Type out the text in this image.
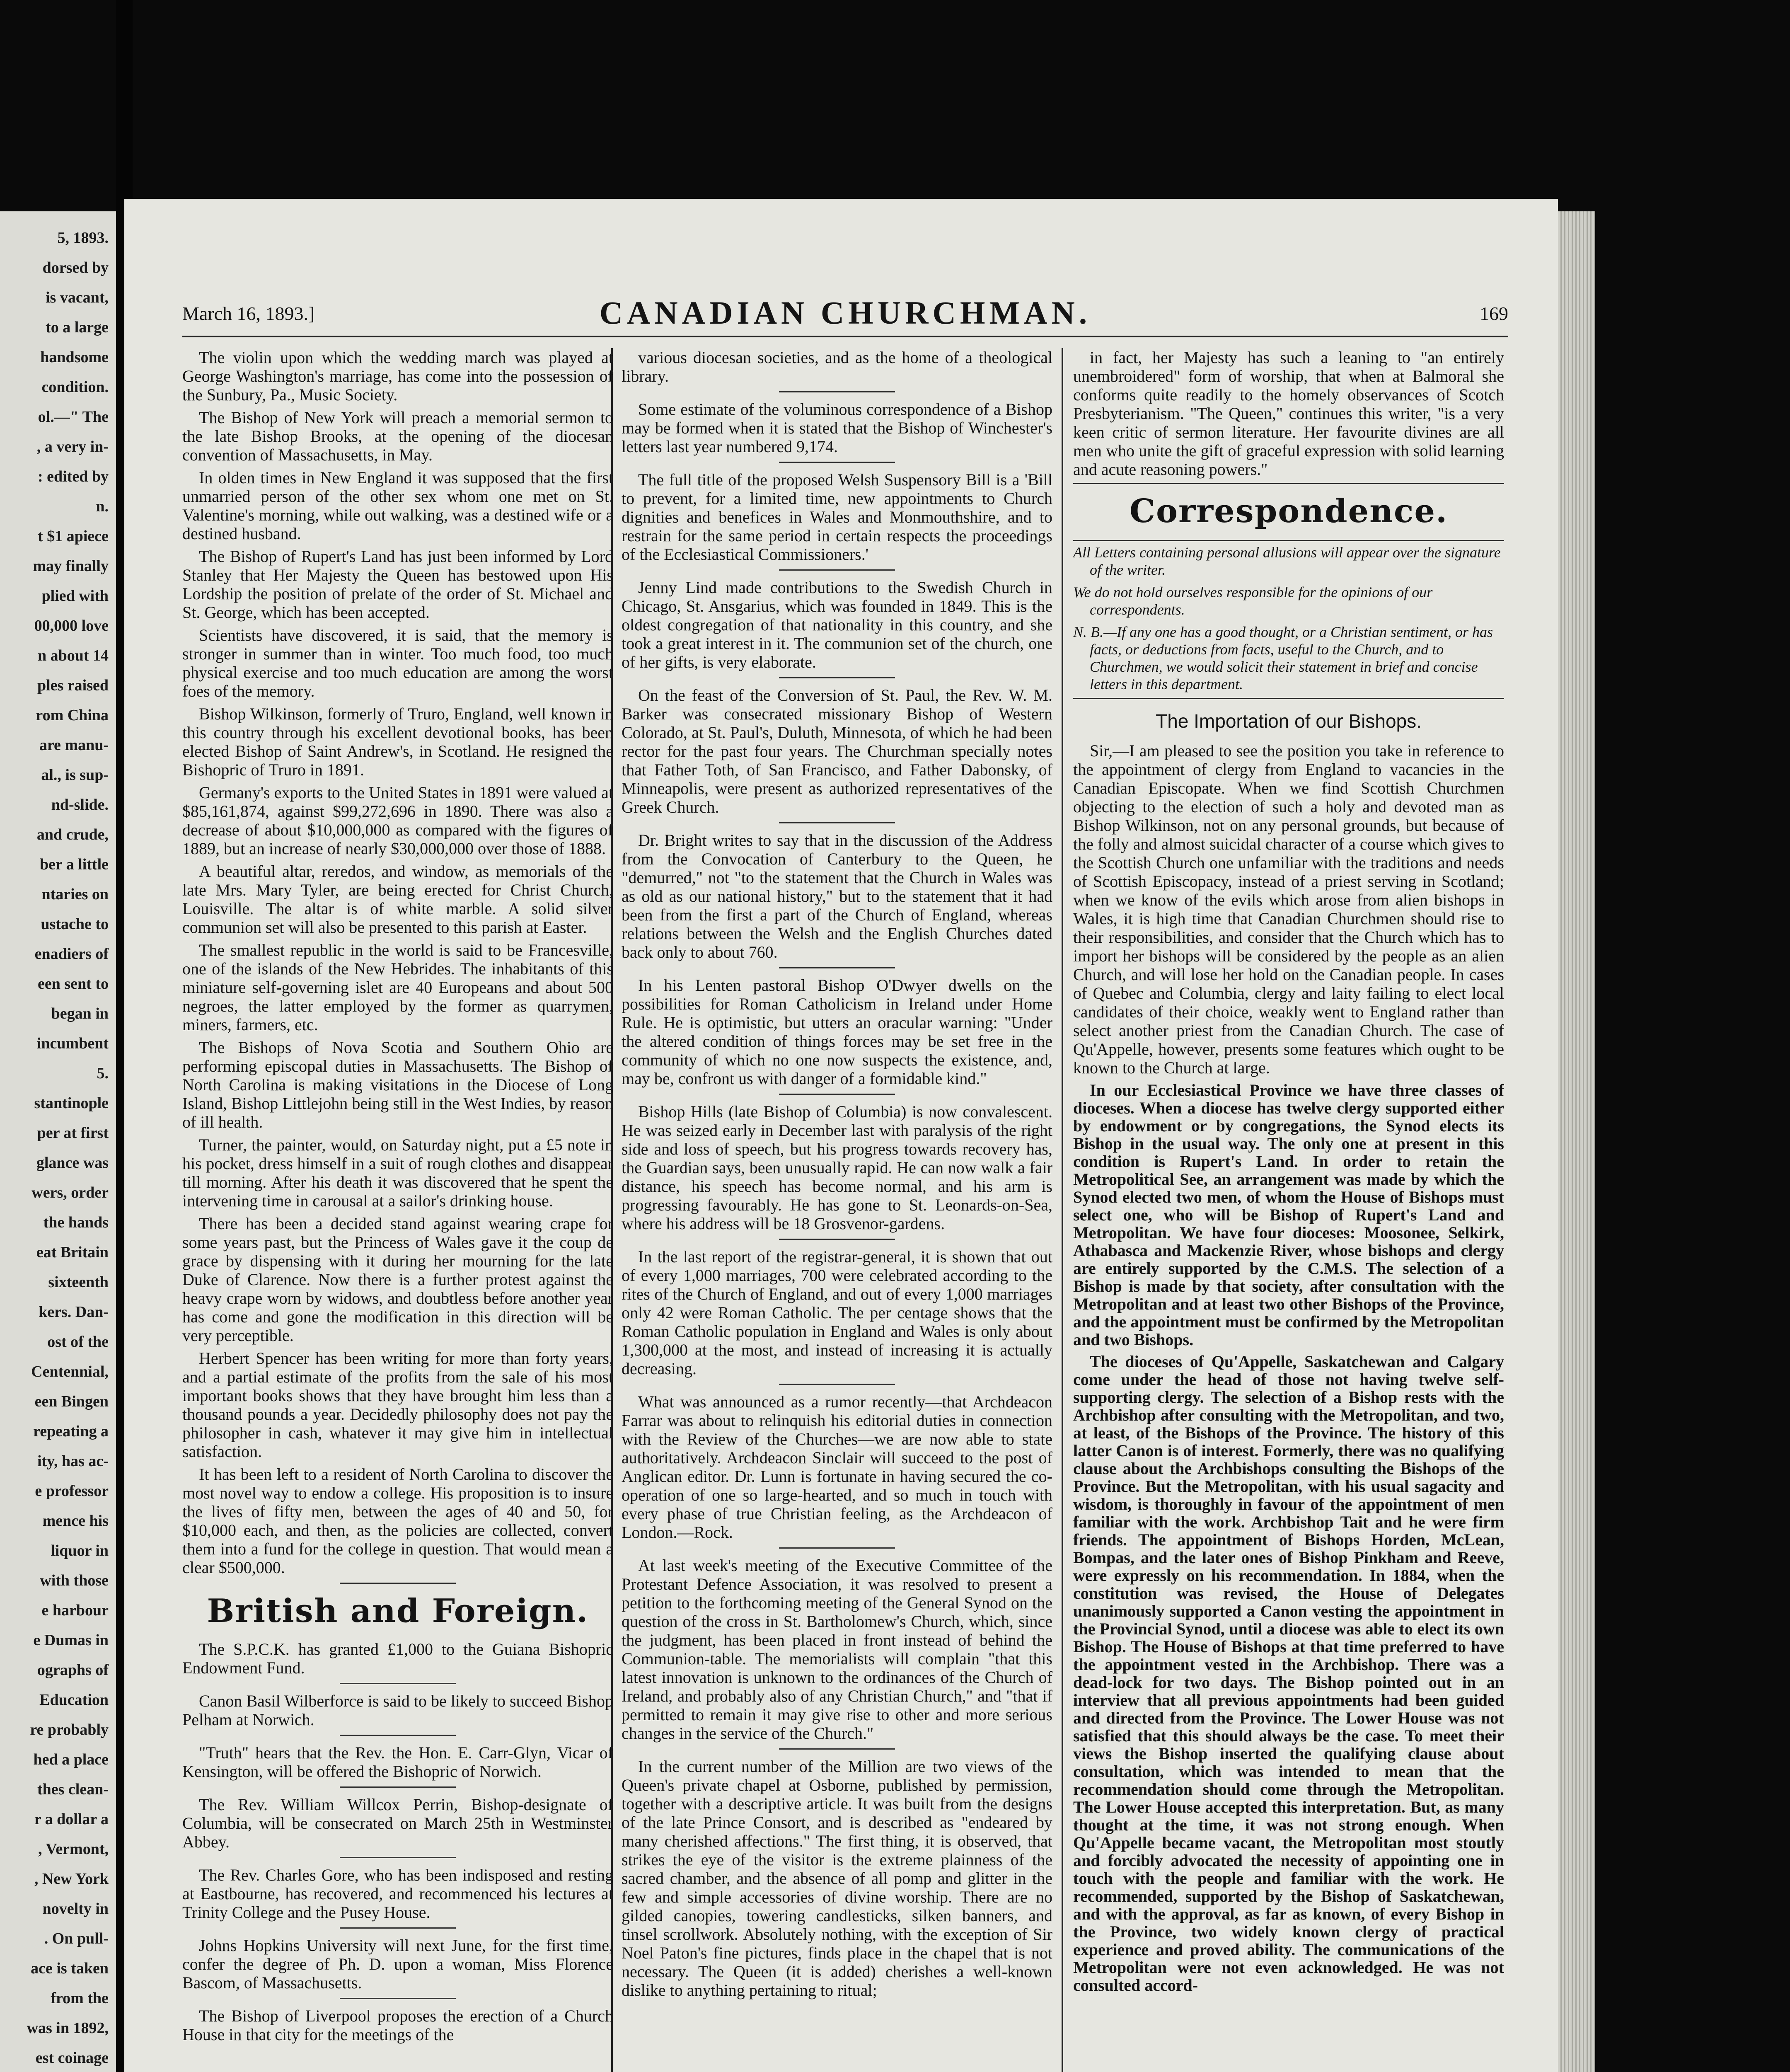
5, 1893.
dorsed by
is vacant,
to a large
handsome
condition.
ol.—" The
, a very in-
: edited by
n.
t $1 apiece
may finally
plied with
00,000 love
n about 14
ples raised
rom China
are manu-
al., is sup-
nd-slide.
and crude,
ber a little
ntaries on
ustache to
enadiers of
een sent to
began in
incumbent
5.
stantinople
per at first
glance was
wers, order
the hands
eat Britain
sixteenth
kers. Dan-
ost of the
Centennial,
een Bingen
repeating a
ity, has ac-
e professor
mence his
liquor in
with those
e harbour
e Dumas in
ographs of
Education
re probably
hed a place
thes clean-
r a dollar a
, Vermont,
, New York
novelty in
. On pull-
ace is taken
from the
was in 1892,
est coinage
March 16, 1893.]	CANADIAN CHURCHMAN.	169

The violin upon which the wedding march was played at George Washington's marriage, has come into the possession of the Sunbury, Pa., Music Society.

The Bishop of New York will preach a memorial sermon to the late Bishop Brooks, at the opening of the diocesan convention of Massachusetts, in May.

In olden times in New England it was supposed that the first unmarried person of the other sex whom one met on St. Valentine's morning, while out walking, was a destined wife or a destined husband.

The Bishop of Rupert's Land has just been informed by Lord Stanley that Her Majesty the Queen has bestowed upon His Lordship the position of prelate of the order of St. Michael and St. George, which has been accepted.

Scientists have discovered, it is said, that the memory is stronger in summer than in winter. Too much food, too much physical exercise and too much education are among the worst foes of the memory.

Bishop Wilkinson, formerly of Truro, England, well known in this country through his excellent devotional books, has been elected Bishop of Saint Andrew's, in Scotland. He resigned the Bishopric of Truro in 1891.

Germany's exports to the United States in 1891 were valued at $85,161,874, against $99,272,696 in 1890. There was also a decrease of about $10,000,000 as compared with the figures of 1889, but an increase of nearly $30,000,000 over those of 1888.

A beautiful altar, reredos, and window, as memorials of the late Mrs. Mary Tyler, are being erected for Christ Church, Louisville. The altar is of white marble. A solid silver communion set will also be presented to this parish at Easter.

The smallest republic in the world is said to be Francesville, one of the islands of the New Hebrides. The inhabitants of this miniature self-governing islet are 40 Europeans and about 500 negroes, the latter employed by the former as quarrymen, miners, farmers, etc.

The Bishops of Nova Scotia and Southern Ohio are performing episcopal duties in Massachusetts. The Bishop of North Carolina is making visitations in the Diocese of Long Island, Bishop Littlejohn being still in the West Indies, by reason of ill health.

Turner, the painter, would, on Saturday night, put a £5 note in his pocket, dress himself in a suit of rough clothes and disappear till morning. After his death it was discovered that he spent the intervening time in carousal at a sailor's drinking house.

There has been a decided stand against wearing crape for some years past, but the Princess of Wales gave it the coup de grace by dispensing with it during her mourning for the late Duke of Clarence. Now there is a further protest against the heavy crape worn by widows, and doubtless before another year has come and gone the modification in this direction will be very perceptible.

Herbert Spencer has been writing for more than forty years, and a partial estimate of the profits from the sale of his most important books shows that they have brought him less than a thousand pounds a year. Decidedly philosophy does not pay the philosopher in cash, whatever it may give him in intellectual satisfaction.

It has been left to a resident of North Carolina to discover the most novel way to endow a college. His proposition is to insure the lives of fifty men, between the ages of 40 and 50, for $10,000 each, and then, as the policies are collected, convert them into a fund for the college in question. That would mean a clear $500,000.

British and Foreign.

The S.P.C.K. has granted £1,000 to the Guiana Bishopric Endowment Fund.

Canon Basil Wilberforce is said to be likely to succeed Bishop Pelham at Norwich.

"Truth" hears that the Rev. the Hon. E. Carr-Glyn, Vicar of Kensington, will be offered the Bishopric of Norwich.

The Rev. William Willcox Perrin, Bishop-designate of Columbia, will be consecrated on March 25th in Westminster Abbey.

The Rev. Charles Gore, who has been indisposed and resting at Eastbourne, has recovered, and recommenced his lectures at Trinity College and the Pusey House.

Johns Hopkins University will next June, for the first time, confer the degree of Ph. D. upon a woman, Miss Florence Bascom, of Massachusetts.

The Bishop of Liverpool proposes the erection of a Church House in that city for the meetings of the

various diocesan societies, and as the home of a theological library.

Some estimate of the voluminous correspondence of a Bishop may be formed when it is stated that the Bishop of Winchester's letters last year numbered 9,174.

The full title of the proposed Welsh Suspensory Bill is a 'Bill to prevent, for a limited time, new appointments to Church dignities and benefices in Wales and Monmouthshire, and to restrain for the same period in certain respects the proceedings of the Ecclesiastical Commissioners.'

Jenny Lind made contributions to the Swedish Church in Chicago, St. Ansgarius, which was founded in 1849. This is the oldest congregation of that nationality in this country, and she took a great interest in it. The communion set of the church, one of her gifts, is very elaborate.

On the feast of the Conversion of St. Paul, the Rev. W. M. Barker was consecrated missionary Bishop of Western Colorado, at St. Paul's, Duluth, Minnesota, of which he had been rector for the past four years. The Churchman specially notes that Father Toth, of San Francisco, and Father Dabonsky, of Minneapolis, were present as authorized representatives of the Greek Church.

Dr. Bright writes to say that in the discussion of the Address from the Convocation of Canterbury to the Queen, he "demurred," not "to the statement that the Church in Wales was as old as our national history," but to the statement that it had been from the first a part of the Church of England, whereas relations between the Welsh and the English Churches dated back only to about 760.

In his Lenten pastoral Bishop O'Dwyer dwells on the possibilities for Roman Catholicism in Ireland under Home Rule. He is optimistic, but utters an oracular warning: "Under the altered condition of things forces may be set free in the community of which no one now suspects the existence, and, may be, confront us with danger of a formidable kind."

Bishop Hills (late Bishop of Columbia) is now convalescent. He was seized early in December last with paralysis of the right side and loss of speech, but his progress towards recovery has, the Guardian says, been unusually rapid. He can now walk a fair distance, his speech has become normal, and his arm is progressing favourably. He has gone to St. Leonards-on-Sea, where his address will be 18 Grosvenor-gardens.

In the last report of the registrar-general, it is shown that out of every 1,000 marriages, 700 were celebrated according to the rites of the Church of England, and out of every 1,000 marriages only 42 were Roman Catholic. The per centage shows that the Roman Catholic population in England and Wales is only about 1,300,000 at the most, and instead of increasing it is actually decreasing.

What was announced as a rumor recently—that Archdeacon Farrar was about to relinquish his editorial duties in connection with the Review of the Churches—we are now able to state authoritatively. Archdeacon Sinclair will succeed to the post of Anglican editor. Dr. Lunn is fortunate in having secured the co-operation of one so large-hearted, and so much in touch with every phase of true Christian feeling, as the Archdeacon of London.—Rock.

At last week's meeting of the Executive Committee of the Protestant Defence Association, it was resolved to present a petition to the forthcoming meeting of the General Synod on the question of the cross in St. Bartholomew's Church, which, since the judgment, has been placed in front instead of behind the Communion-table. The memorialists will complain "that this latest innovation is unknown to the ordinances of the Church of Ireland, and probably also of any Christian Church," and "that if permitted to remain it may give rise to other and more serious changes in the service of the Church."

In the current number of the Million are two views of the Queen's private chapel at Osborne, published by permission, together with a descriptive article. It was built from the designs of the late Prince Consort, and is described as "endeared by many cherished affections." The first thing, it is observed, that strikes the eye of the visitor is the extreme plainness of the sacred chamber, and the absence of all pomp and glitter in the few and simple accessories of divine worship. There are no gilded canopies, towering candlesticks, silken banners, and tinsel scrollwork. Absolutely nothing, with the exception of Sir Noel Paton's fine pictures, finds place in the chapel that is not necessary. The Queen (it is added) cherishes a well-known dislike to anything pertaining to ritual;

in fact, her Majesty has such a leaning to "an entirely unembroidered" form of worship, that when at Balmoral she conforms quite readily to the homely observances of Scotch Presbyterianism. "The Queen," continues this writer, "is a very keen critic of sermon literature. Her favourite divines are all men who unite the gift of graceful expression with solid learning and acute reasoning powers."

Correspondence.
All Letters containing personal allusions will appear over the signature of the writer.
We do not hold ourselves responsible for the opinions of our correspondents.
N. B.—If any one has a good thought, or a Christian sentiment, or has facts, or deductions from facts, useful to the Church, and to Churchmen, we would solicit their statement in brief and concise letters in this department.
The Importation of our Bishops.

Sir,—I am pleased to see the position you take in reference to the appointment of clergy from England to vacancies in the Canadian Episcopate. When we find Scottish Churchmen objecting to the election of such a holy and devoted man as Bishop Wilkinson, not on any personal grounds, but because of the folly and almost suicidal character of a course which gives to the Scottish Church one unfamiliar with the traditions and needs of Scottish Episcopacy, instead of a priest serving in Scotland; when we know of the evils which arose from alien bishops in Wales, it is high time that Canadian Churchmen should rise to their responsibilities, and consider that the Church which has to import her bishops will be considered by the people as an alien Church, and will lose her hold on the Canadian people. In cases of Quebec and Columbia, clergy and laity failing to elect local candidates of their choice, weakly went to England rather than select another priest from the Canadian Church. The case of Qu'Appelle, however, presents some features which ought to be known to the Church at large.

In our Ecclesiastical Province we have three classes of dioceses. When a diocese has twelve clergy supported either by endowment or by congregations, the Synod elects its Bishop in the usual way. The only one at present in this condition is Rupert's Land. In order to retain the Metropolitical See, an arrangement was made by which the Synod elected two men, of whom the House of Bishops must select one, who will be Bishop of Rupert's Land and Metropolitan. We have four dioceses: Moosonee, Selkirk, Athabasca and Mackenzie River, whose bishops and clergy are entirely supported by the C.M.S. The selection of a Bishop is made by that society, after consultation with the Metropolitan and at least two other Bishops of the Province, and the appointment must be confirmed by the Metropolitan and two Bishops.

The dioceses of Qu'Appelle, Saskatchewan and Calgary come under the head of those not having twelve self-supporting clergy. The selection of a Bishop rests with the Archbishop after consulting with the Metropolitan, and two, at least, of the Bishops of the Province. The history of this latter Canon is of interest. Formerly, there was no qualifying clause about the Archbishops consulting the Bishops of the Province. But the Metropolitan, with his usual sagacity and wisdom, is thoroughly in favour of the appointment of men familiar with the work. Archbishop Tait and he were firm friends. The appointment of Bishops Horden, McLean, Bompas, and the later ones of Bishop Pinkham and Reeve, were expressly on his recommendation. In 1884, when the constitution was revised, the House of Delegates unanimously supported a Canon vesting the appointment in the Provincial Synod, until a diocese was able to elect its own Bishop. The House of Bishops at that time preferred to have the appointment vested in the Archbishop. There was a dead-lock for two days. The Bishop pointed out in an interview that all previous appointments had been guided and directed from the Province. The Lower House was not satisfied that this should always be the case. To meet their views the Bishop inserted the qualifying clause about consultation, which was intended to mean that the recommendation should come through the Metropolitan. The Lower House accepted this interpretation. But, as many thought at the time, it was not strong enough. When Qu'Appelle became vacant, the Metropolitan most stoutly and forcibly advocated the necessity of appointing one in touch with the people and familiar with the work. He recommended, supported by the Bishop of Saskatchewan, and with the approval, as far as known, of every Bishop in the Province, two widely known clergy of practical experience and proved ability. The communications of the Metropolitan were not even acknowledged. He was not consulted accord-
